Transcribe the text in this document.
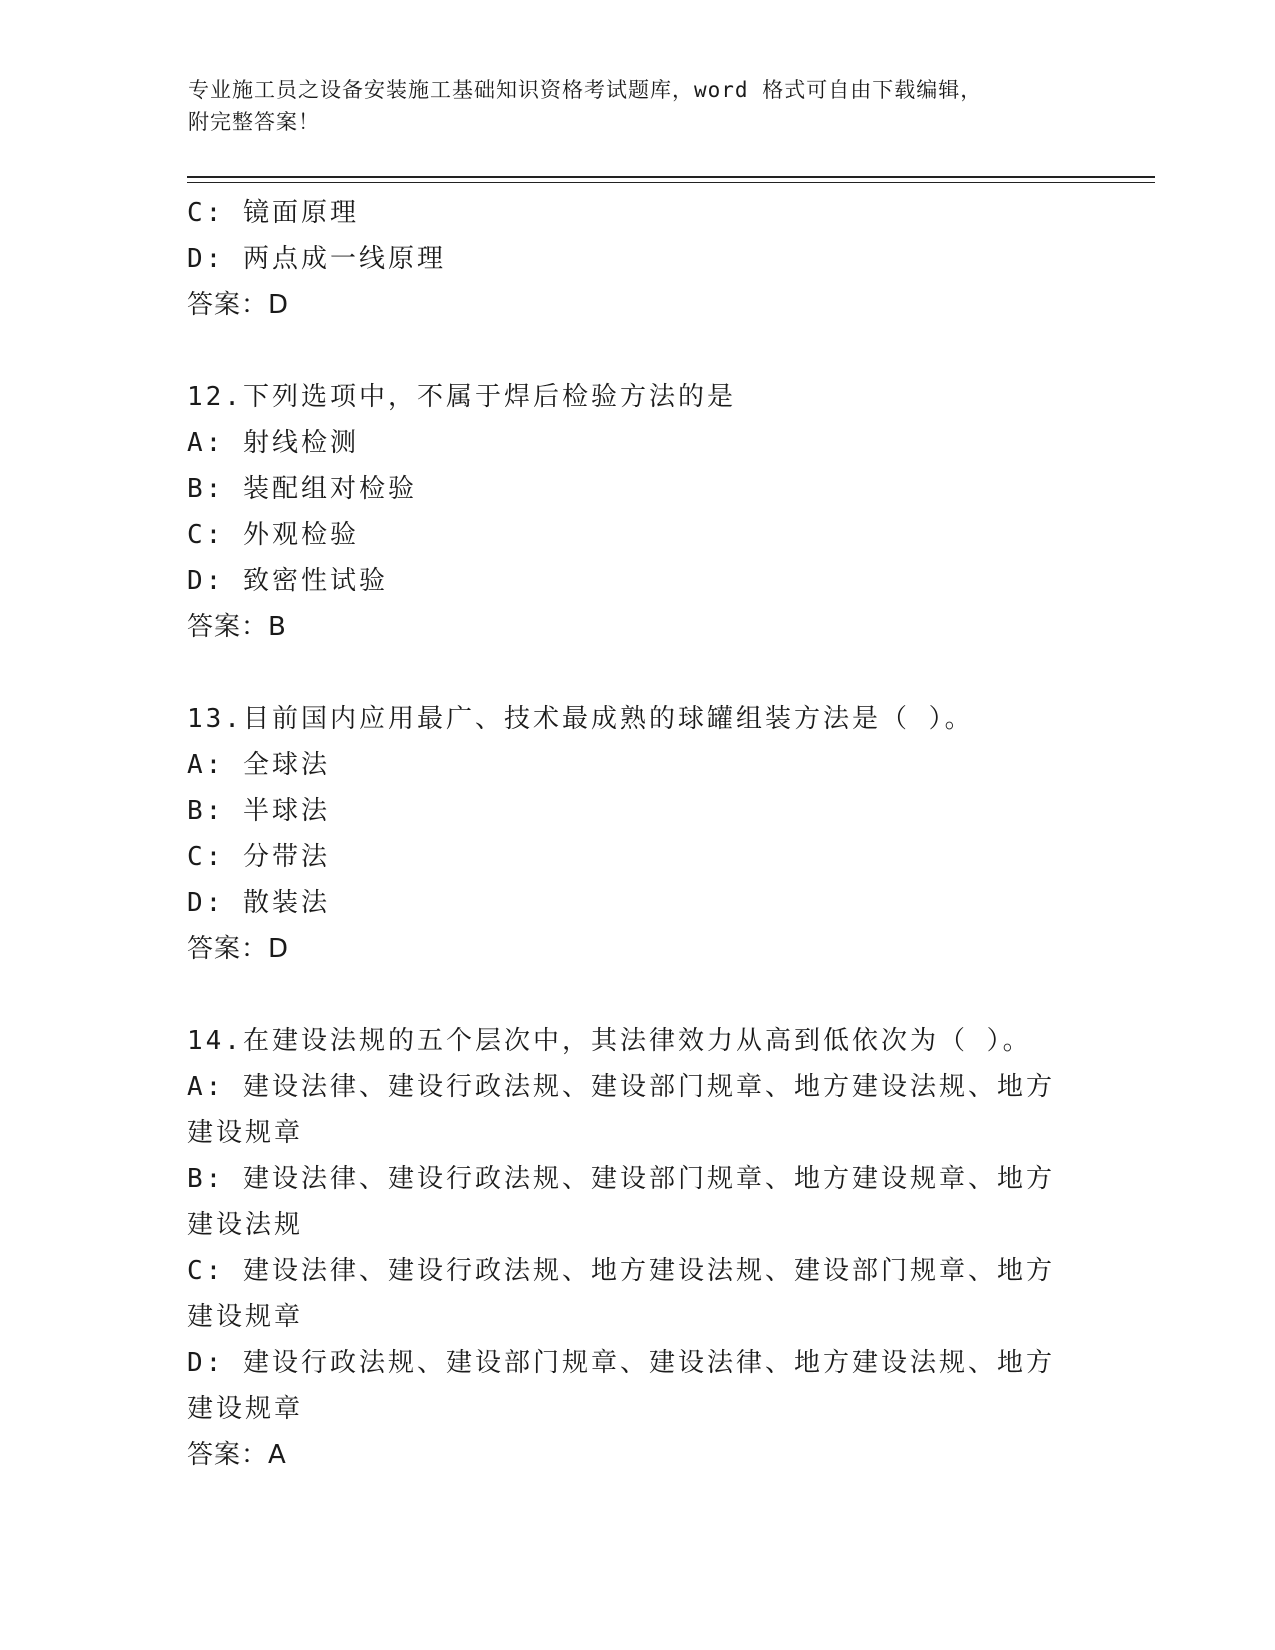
专业施工员之设备安装施工基础知识资格考试题库，word 格式可自由下载编辑，
附完整答案！

C: 镜面原理

D: 两点成一线原理

答案：D

12.下列选项中，不属于焊后检验方法的是

A: 射线检测

B: 装配组对检验

C: 外观检验

D: 致密性试验

答案：B

13.目前国内应用最广、技术最成熟的球罐组装方法是（ ）。

A: 全球法

B: 半球法

C: 分带法

D: 散装法

答案：D

14.在建设法规的五个层次中，其法律效力从高到低依次为（ ）。

A: 建设法律、建设行政法规、建设部门规章、地方建设法规、地方建设规章

B: 建设法律、建设行政法规、建设部门规章、地方建设规章、地方建设法规

C: 建设法律、建设行政法规、地方建设法规、建设部门规章、地方建设规章

D: 建设行政法规、建设部门规章、建设法律、地方建设法规、地方建设规章

答案：A
